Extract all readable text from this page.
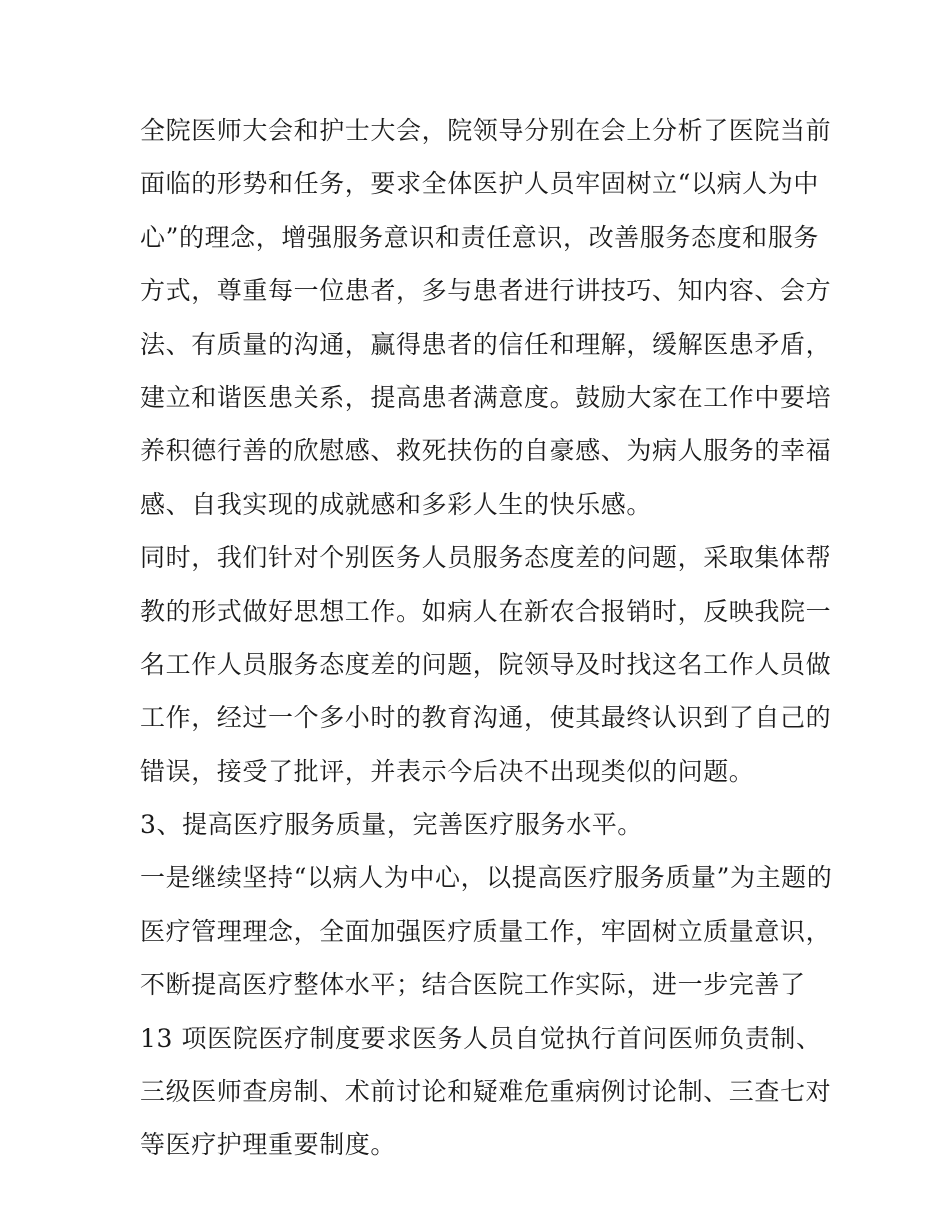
全院医师大会和护士大会，院领导分别在会上分析了医院当前
面临的形势和任务，要求全体医护人员牢固树立“以病人为中
心”的理念，增强服务意识和责任意识，改善服务态度和服务
方式，尊重每一位患者，多与患者进行讲技巧、知内容、会方
法、有质量的沟通，赢得患者的信任和理解，缓解医患矛盾，
建立和谐医患关系，提高患者满意度。鼓励大家在工作中要培
养积德行善的欣慰感、救死扶伤的自豪感、为病人服务的幸福
感、自我实现的成就感和多彩人生的快乐感。
同时，我们针对个别医务人员服务态度差的问题，采取集体帮
教的形式做好思想工作。如病人在新农合报销时，反映我院一
名工作人员服务态度差的问题，院领导及时找这名工作人员做
工作，经过一个多小时的教育沟通，使其最终认识到了自己的
错误，接受了批评，并表示今后决不出现类似的问题。
3、提高医疗服务质量，完善医疗服务水平。
一是继续坚持“以病人为中心，以提高医疗服务质量”为主题的
医疗管理理念，全面加强医疗质量工作，牢固树立质量意识，
不断提高医疗整体水平；结合医院工作实际，进一步完善了
13 项医院医疗制度要求医务人员自觉执行首问医师负责制、
三级医师查房制、术前讨论和疑难危重病例讨论制、三查七对
等医疗护理重要制度。
